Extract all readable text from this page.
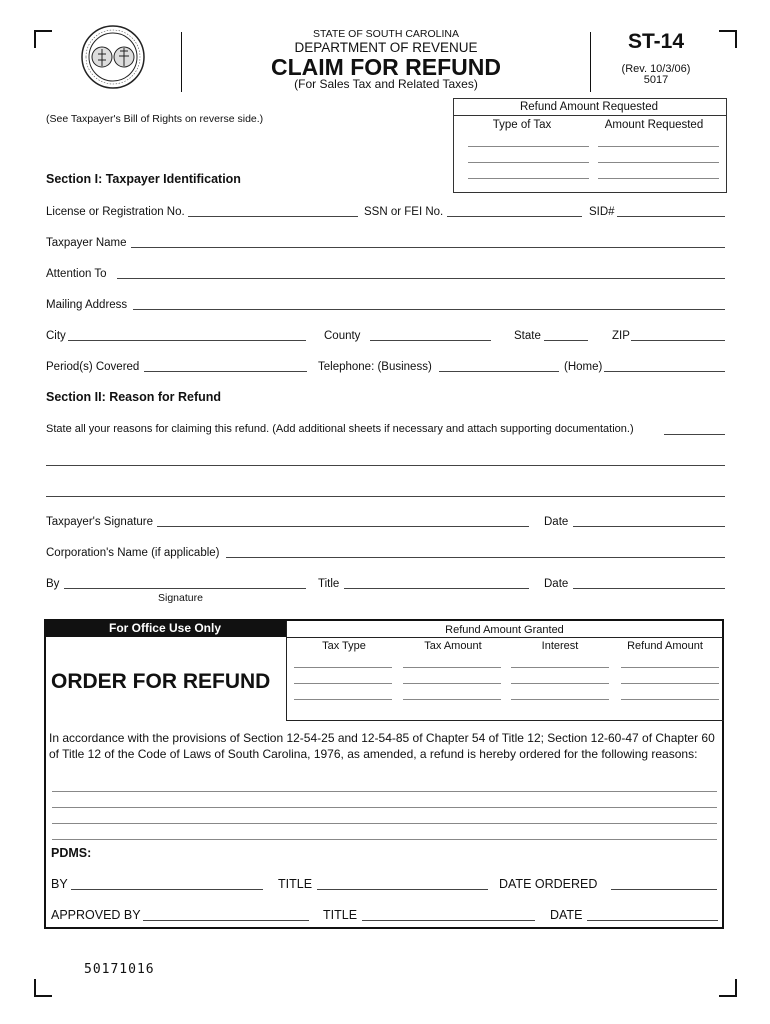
STATE OF SOUTH CAROLINA
DEPARTMENT OF REVENUE
CLAIM FOR REFUND
(For Sales Tax and Related Taxes)
ST-14
(Rev. 10/3/06)
5017
(See Taxpayer's Bill of Rights on reverse side.)
Refund Amount Requested
Type of Tax	Amount Requested
Section I: Taxpayer Identification
License or Registration No.	SSN or FEI No.	SID#
Taxpayer Name
Attention To
Mailing Address
City	County	State	ZIP
Period(s) Covered	Telephone: (Business)	(Home)
Section II: Reason for Refund
State all your reasons for claiming this refund. (Add additional sheets if necessary and attach supporting documentation.)
Taxpayer's Signature	Date
Corporation's Name (if applicable)
By	Title	Date
Signature
For Office Use Only	Refund Amount Granted
Tax Type	Tax Amount	Interest	Refund Amount
ORDER FOR REFUND
In accordance with the provisions of Section 12-54-25 and 12-54-85 of Chapter 54 of Title 12; Section 12-60-47 of Chapter 60 of Title 12 of the Code of Laws of South Carolina, 1976, as amended, a refund is hereby ordered for the following reasons:
PDMS:
BY	TITLE	DATE ORDERED
APPROVED BY	TITLE	DATE
50171016
